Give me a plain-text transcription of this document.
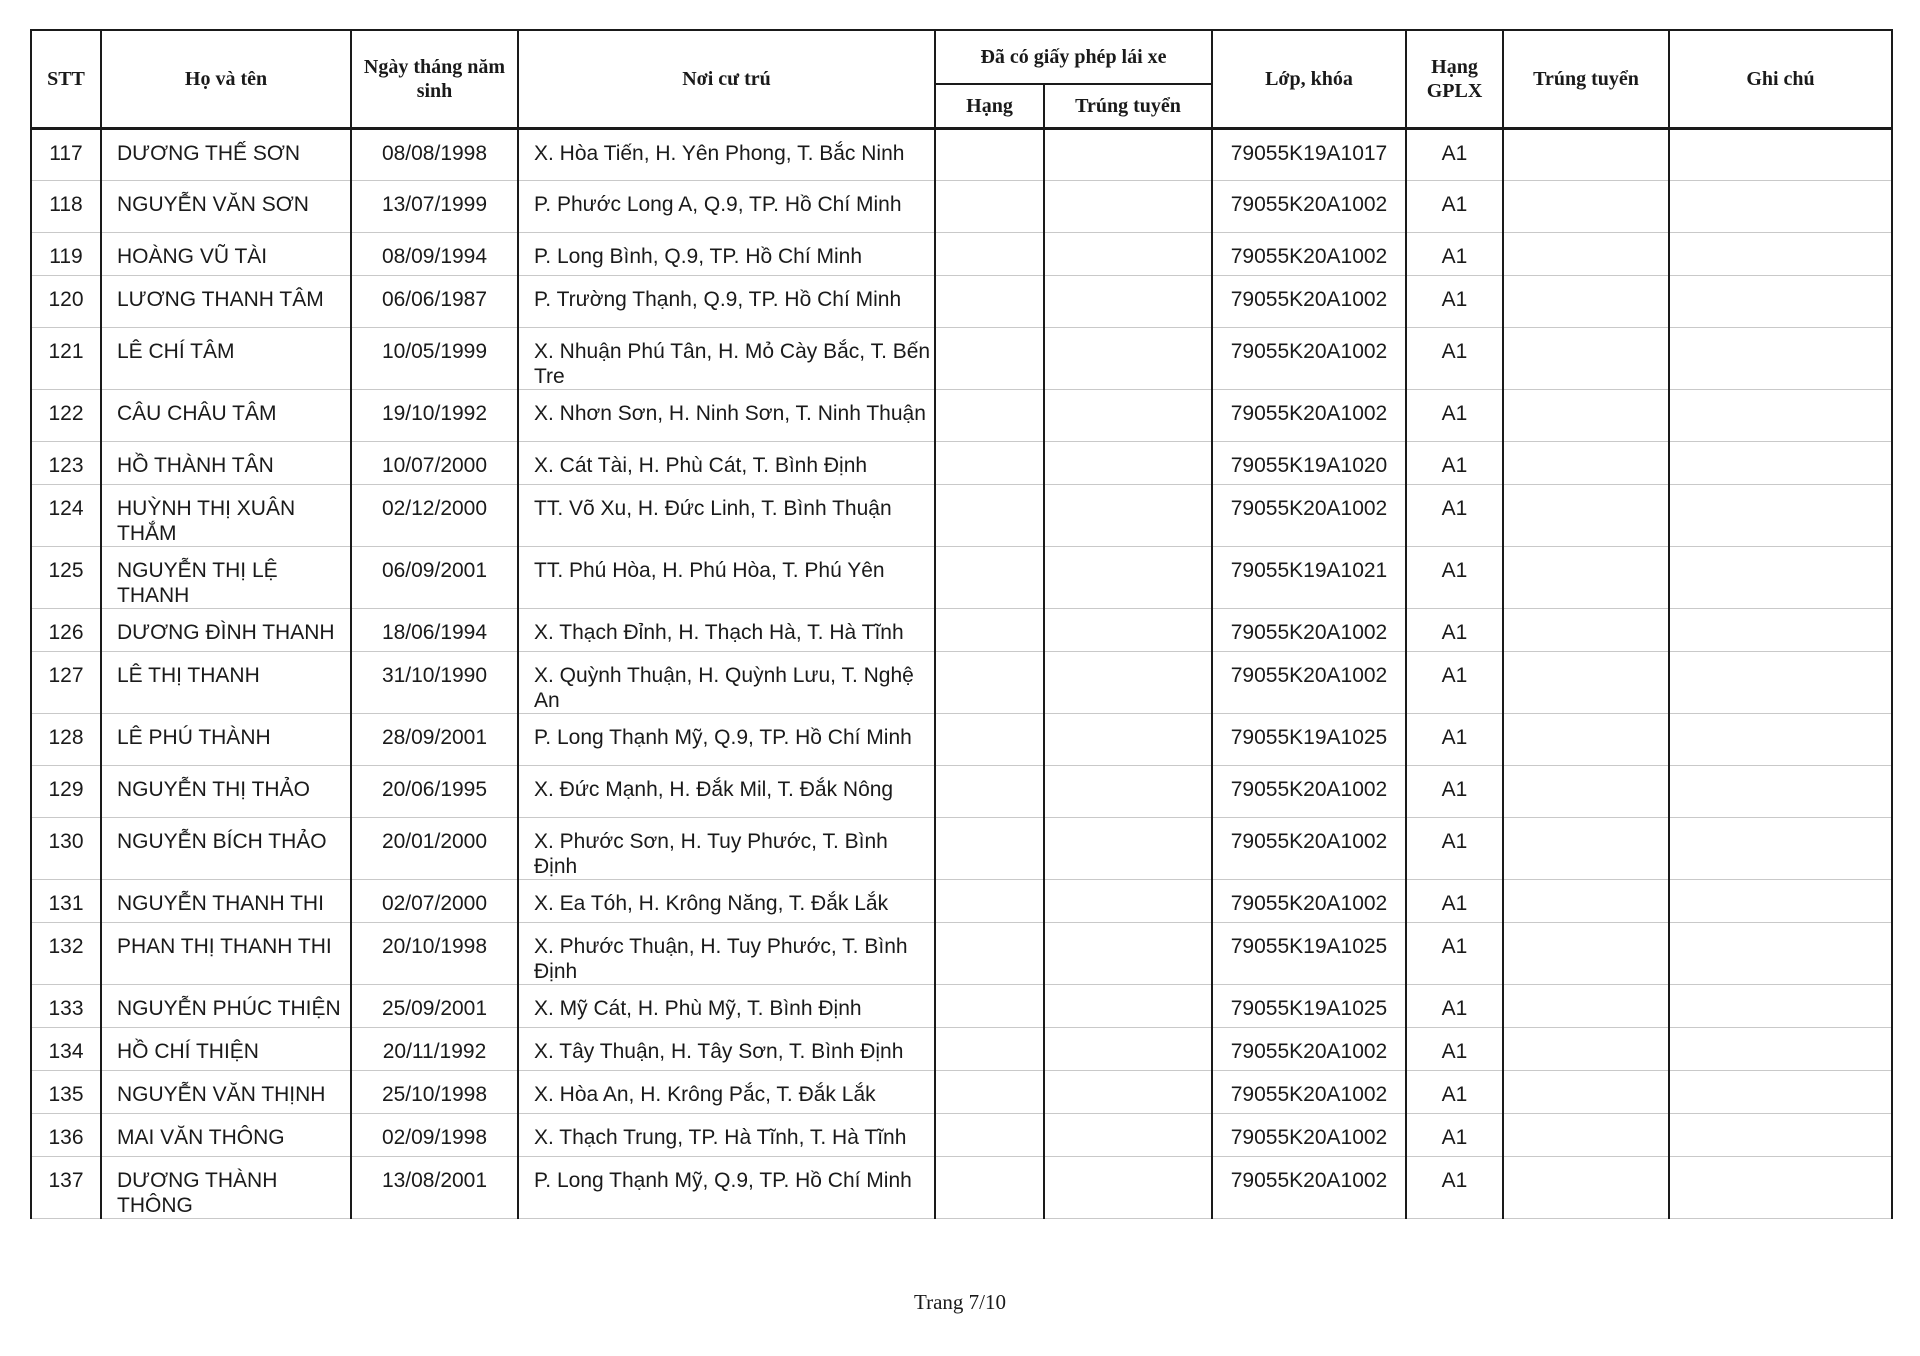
STT	Họ và tên	Ngày tháng năm sinh	Nơi cư trú	Đã có giấy phép lái xe		Lớp, khóa	Hạng GPLX	Trúng tuyển	Ghi chú
				Hạng	Trúng tuyển				
117	DƯƠNG THẾ SƠN	08/08/1998	X. Hòa Tiến, H. Yên Phong, T. Bắc Ninh			79055K19A1017	A1		
118	NGUYỄN VĂN SƠN	13/07/1999	P. Phước Long A, Q.9, TP. Hồ Chí Minh			79055K20A1002	A1		
119	HOÀNG VŨ TÀI	08/09/1994	P. Long Bình, Q.9, TP. Hồ Chí Minh			79055K20A1002	A1		
120	LƯƠNG THANH TÂM	06/06/1987	P. Trường Thạnh, Q.9, TP. Hồ Chí Minh			79055K20A1002	A1		
121	LÊ CHÍ TÂM	10/05/1999	X. Nhuận Phú Tân, H. Mỏ Cày Bắc, T. Bến Tre			79055K20A1002	A1		
122	CÂU CHÂU TÂM	19/10/1992	X. Nhơn Sơn, H. Ninh Sơn, T. Ninh Thuận			79055K20A1002	A1		
123	HỒ THÀNH TÂN	10/07/2000	X. Cát Tài, H. Phù Cát, T. Bình Định			79055K19A1020	A1		
124	HUỲNH THỊ XUÂN THẮM	02/12/2000	TT. Võ Xu, H. Đức Linh, T. Bình Thuận			79055K20A1002	A1		
125	NGUYỄN THỊ LỆ THANH	06/09/2001	TT. Phú Hòa, H. Phú Hòa, T. Phú Yên			79055K19A1021	A1		
126	DƯƠNG ĐÌNH THANH	18/06/1994	X. Thạch Đỉnh, H. Thạch Hà, T. Hà Tĩnh			79055K20A1002	A1		
127	LÊ THỊ THANH	31/10/1990	X. Quỳnh Thuận, H. Quỳnh Lưu, T. Nghệ An			79055K20A1002	A1		
128	LÊ PHÚ THÀNH	28/09/2001	P. Long Thạnh Mỹ, Q.9, TP. Hồ Chí Minh			79055K19A1025	A1		
129	NGUYỄN THỊ THẢO	20/06/1995	X. Đức Mạnh, H. Đắk Mil, T. Đắk Nông			79055K20A1002	A1		
130	NGUYỄN BÍCH THẢO	20/01/2000	X. Phước Sơn, H. Tuy Phước, T. Bình Định			79055K20A1002	A1		
131	NGUYỄN THANH THI	02/07/2000	X. Ea Tóh, H. Krông Năng, T. Đắk Lắk			79055K20A1002	A1		
132	PHAN THỊ THANH THI	20/10/1998	X. Phước Thuận, H. Tuy Phước, T. Bình Định			79055K19A1025	A1		
133	NGUYỄN PHÚC THIỆN	25/09/2001	X. Mỹ Cát, H. Phù Mỹ, T. Bình Định			79055K19A1025	A1		
134	HỒ CHÍ THIỆN	20/11/1992	X. Tây Thuận, H. Tây Sơn, T. Bình Định			79055K20A1002	A1		
135	NGUYỄN VĂN THỊNH	25/10/1998	X. Hòa An, H. Krông Pắc, T. Đắk Lắk			79055K20A1002	A1		
136	MAI VĂN THÔNG	02/09/1998	X. Thạch Trung, TP. Hà Tĩnh, T. Hà Tĩnh			79055K20A1002	A1		
137	DƯƠNG THÀNH THÔNG	13/08/2001	P. Long Thạnh Mỹ, Q.9, TP. Hồ Chí Minh			79055K20A1002	A1		
Trang 7/10
